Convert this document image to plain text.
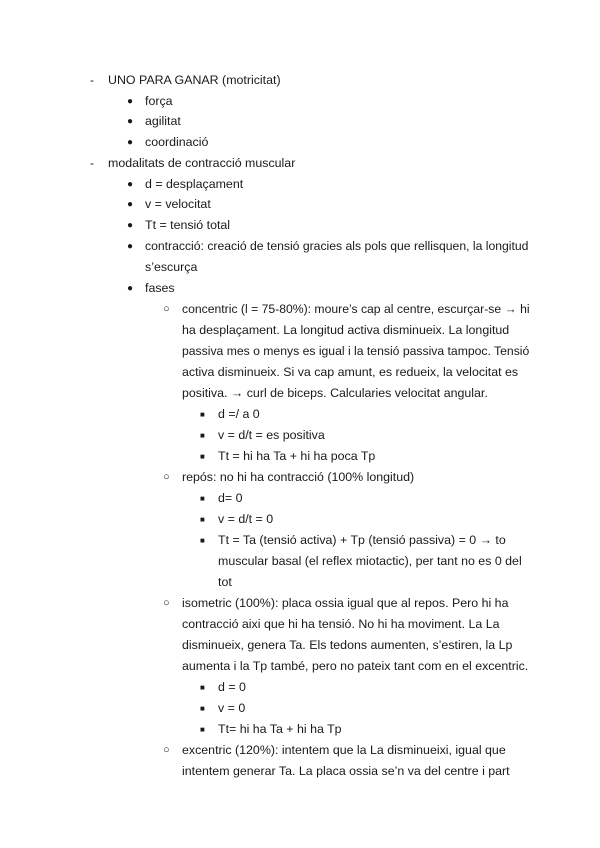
- UNO PARA GANAR (motricitat)
● força
● agilitat
● coordinació
- modalitats de contracció muscular
● d = desplaçament
● v = velocitat
● Tt = tensió total
● contracció: creació de tensió gracies als pols que rellisquen, la longitud
s’escurça
● fases
○ concentric (l = 75-80%): moure’s cap al centre, escurçar-se → hi
ha desplaçament. La longitud activa disminueix. La longitud
passiva mes o menys es igual i la tensió passiva tampoc. Tensió
activa disminueix. Si va cap amunt, es redueix, la velocitat es
positiva. → curl de biceps. Calcularies velocitat angular.
■ d =/ a 0
■ v = d/t = es positiva
■ Tt = hi ha Ta + hi ha poca Tp
○ repós: no hi ha contracció (100% longitud)
■ d= 0
■ v = d/t = 0
■ Tt = Ta (tensió activa) + Tp (tensió passiva) = 0 → to
muscular basal (el reflex miotactic), per tant no es 0 del
tot
○ isometric (100%): placa ossia igual que al repos. Pero hi ha
contracció aixi que hi ha tensió. No hi ha moviment. La La
disminueix, genera Ta. Els tedons aumenten, s’estiren, la Lp
aumenta i la Tp també, pero no pateix tant com en el excentric.
■ d = 0
■ v = 0
■ Tt= hi ha Ta + hi ha Tp
○ excentric (120%): intentem que la La disminueixi, igual que
intentem generar Ta. La placa ossia se’n va del centre i part
